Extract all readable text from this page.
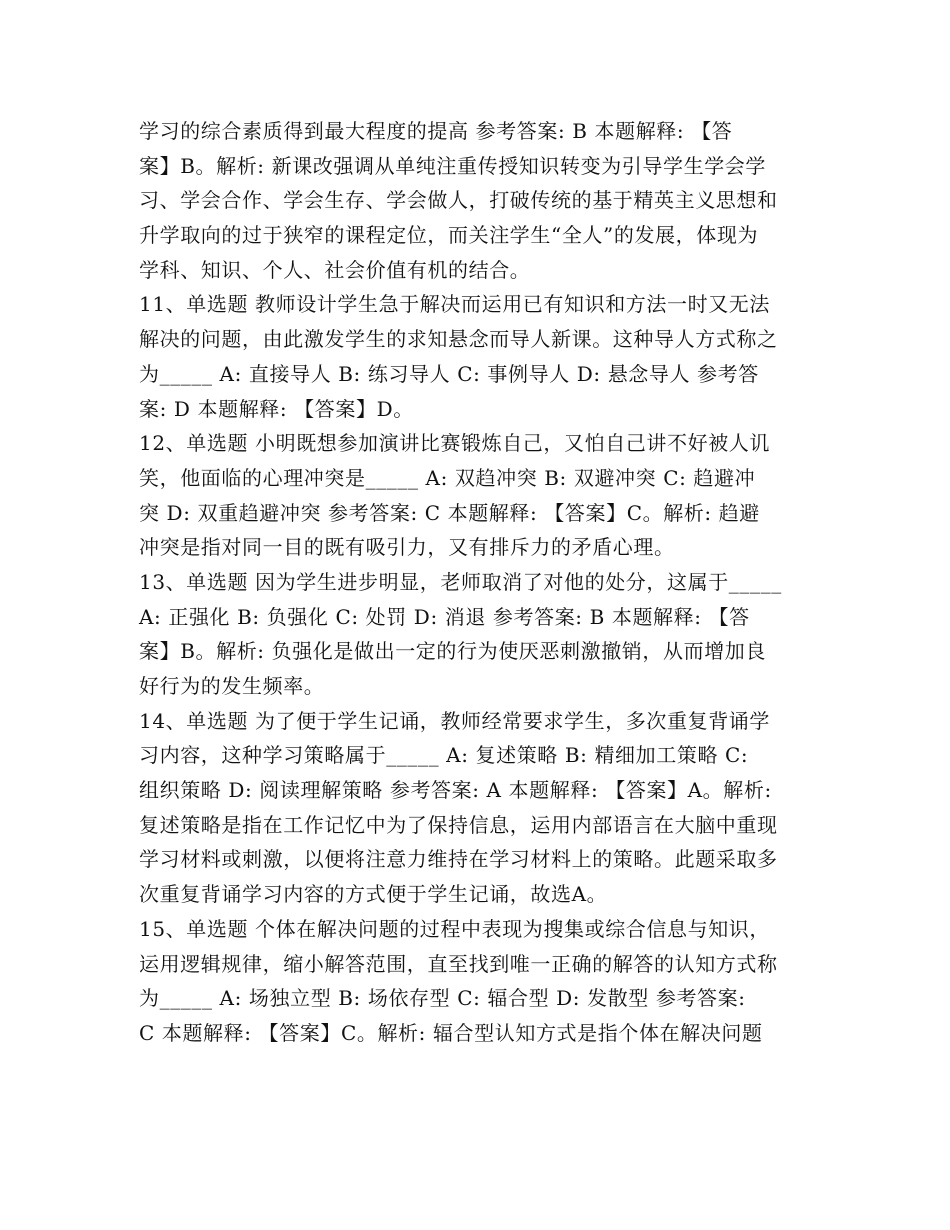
学习的综合素质得到最大程度的提高 参考答案: B 本题解释: 【答
案】B。解析: 新课改强调从单纯注重传授知识转变为引导学生学会学
习、学会合作、学会生存、学会做人，打破传统的基于精英主义思想和
升学取向的过于狭窄的课程定位，而关注学生“全人”的发展，体现为
学科、知识、个人、社会价值有机的结合。
11、单选题 教师设计学生急于解决而运用已有知识和方法一时又无法
解决的问题，由此激发学生的求知悬念而导人新课。这种导人方式称之
为_____ A: 直接导人 B: 练习导人 C: 事例导人 D: 悬念导人 参考答
案: D 本题解释: 【答案】D。
12、单选题 小明既想参加演讲比赛锻炼自己，又怕自己讲不好被人讥
笑，他面临的心理冲突是_____ A: 双趋冲突 B: 双避冲突 C: 趋避冲
突 D: 双重趋避冲突 参考答案: C 本题解释: 【答案】C。解析: 趋避
冲突是指对同一目的既有吸引力，又有排斥力的矛盾心理。
13、单选题 因为学生进步明显，老师取消了对他的处分，这属于_____
A: 正强化 B: 负强化 C: 处罚 D: 消退 参考答案: B 本题解释: 【答
案】B。解析: 负强化是做出一定的行为使厌恶刺激撤销，从而增加良
好行为的发生频率。
14、单选题 为了便于学生记诵，教师经常要求学生，多次重复背诵学
习内容，这种学习策略属于_____ A: 复述策略 B: 精细加工策略 C:
组织策略 D: 阅读理解策略 参考答案: A 本题解释: 【答案】A。解析:
复述策略是指在工作记忆中为了保持信息，运用内部语言在大脑中重现
学习材料或刺激，以便将注意力维持在学习材料上的策略。此题采取多
次重复背诵学习内容的方式便于学生记诵，故选A。
15、单选题 个体在解决问题的过程中表现为搜集或综合信息与知识，
运用逻辑规律，缩小解答范围，直至找到唯一正确的解答的认知方式称
为_____ A: 场独立型 B: 场依存型 C: 辐合型 D: 发散型 参考答案:
C 本题解释: 【答案】C。解析: 辐合型认知方式是指个体在解决问题
